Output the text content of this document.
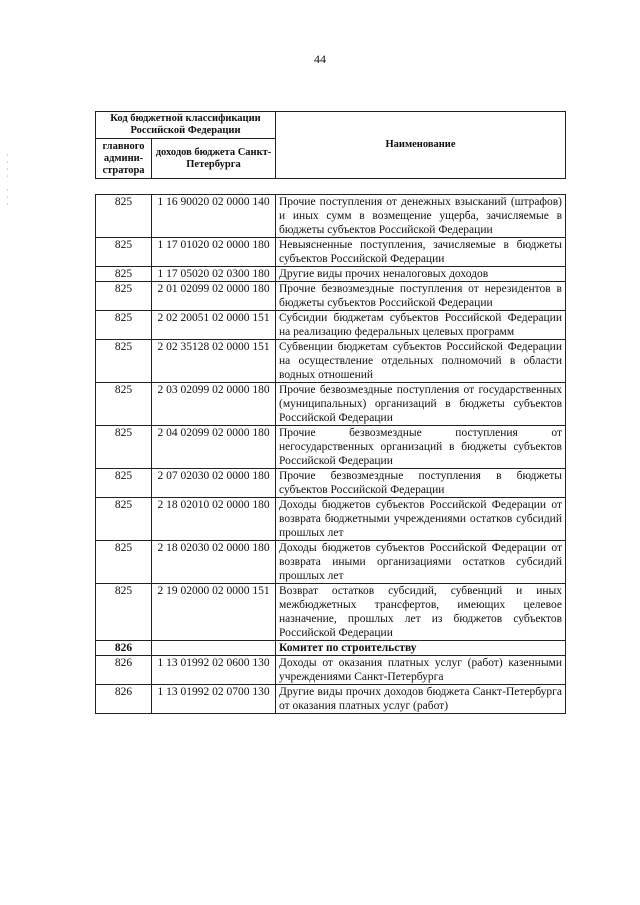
44
·
·
·
·

·
·
·
Код бюджетной классификации Российской Федерации		Наименование
главного админи-стратора	доходов бюджета Санкт-Петербурга	
825	1 16 90020 02 0000 140	Прочие поступления от денежных взысканий (штрафов) и иных сумм в возмещение ущерба, зачисляемые в бюджеты субъектов Российской Федерации
825	1 17 01020 02 0000 180	Невыясненные поступления, зачисляемые в бюджеты субъектов Российской Федерации
825	1 17 05020 02 0300 180	Другие виды прочих неналоговых доходов
825	2 01 02099 02 0000 180	Прочие безвозмездные поступления от нерезидентов в бюджеты субъектов Российской Федерации
825	2 02 20051 02 0000 151	Субсидии бюджетам субъектов Российской Федерации на реализацию федеральных целевых программ
825	2 02 35128 02 0000 151	Субвенции бюджетам субъектов Российской Федерации на осуществление отдельных полномочий в области водных отношений
825	2 03 02099 02 0000 180	Прочие безвозмездные поступления от государственных (муниципальных) организаций в бюджеты субъектов Российской Федерации
825	2 04 02099 02 0000 180	Прочие безвозмездные поступления от негосударственных организаций в бюджеты субъектов Российской Федерации
825	2 07 02030 02 0000 180	Прочие безвозмездные поступления в бюджеты субъектов Российской Федерации
825	2 18 02010 02 0000 180	Доходы бюджетов субъектов Российской Федерации от возврата бюджетными учреждениями остатков субсидий прошлых лет
825	2 18 02030 02 0000 180	Доходы бюджетов субъектов Российской Федерации от возврата иными организациями остатков субсидий прошлых лет
825	2 19 02000 02 0000 151	Возврат остатков субсидий, субвенций и иных межбюджетных трансфертов, имеющих целевое назначение, прошлых лет из бюджетов субъектов Российской Федерации
826		Комитет по строительству
826	1 13 01992 02 0600 130	Доходы от оказания платных услуг (работ) казенными учреждениями Санкт-Петербурга
826	1 13 01992 02 0700 130	Другие виды прочих доходов бюджета Санкт-Петербурга от оказания платных услуг (работ)
